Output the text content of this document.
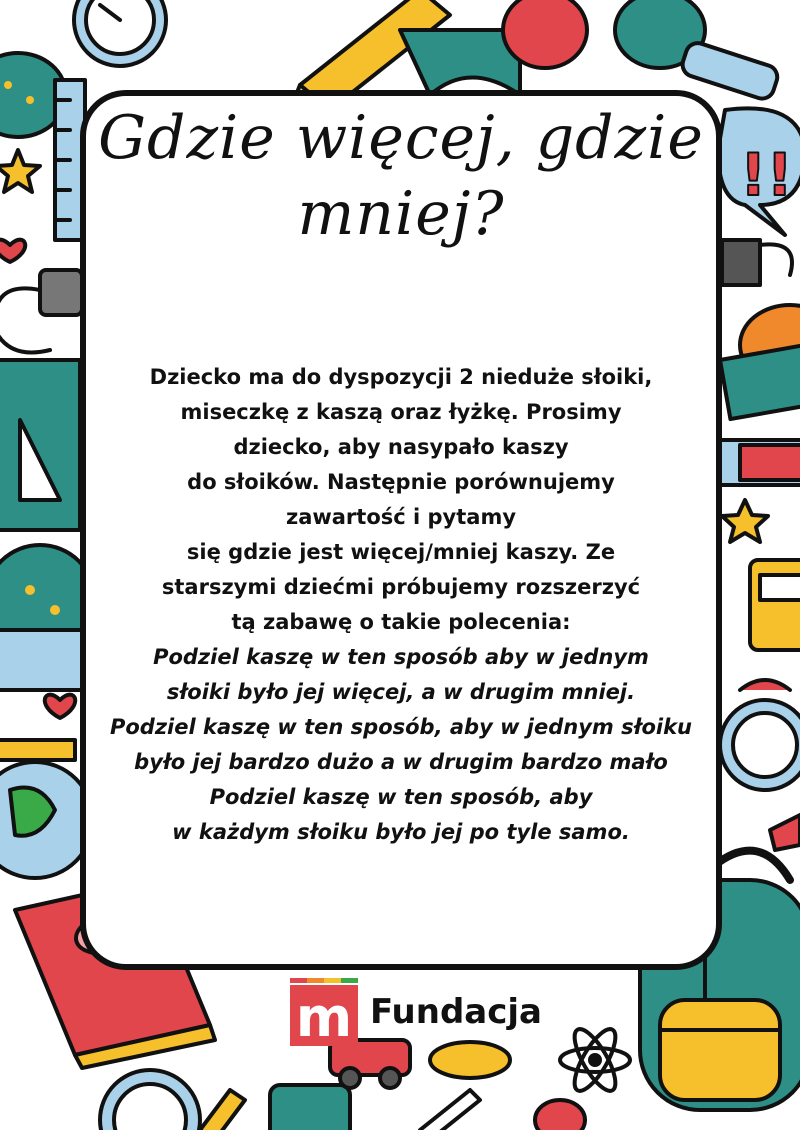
!!
Gdzie więcej, gdzie
mniej?

Dziecko ma do dyspozycji 2 nieduże słoiki,

miseczkę z kaszą oraz łyżkę. Prosimy

dziecko, aby nasypało kaszy

do słoików. Następnie porównujemy

zawartość i pytamy

się gdzie jest więcej/mniej kaszy. Ze

starszymi dziećmi próbujemy rozszerzyć

tą zabawę o takie polecenia:

Podziel kaszę w ten sposób aby w jednym

słoiki było jej więcej, a w drugim mniej.

Podziel kaszę w ten sposób, aby w jednym słoiku

było jej bardzo dużo a w drugim bardzo mało

Podziel kaszę w ten sposób, aby

w każdym słoiku było jej po tyle samo.

m Fundacja
